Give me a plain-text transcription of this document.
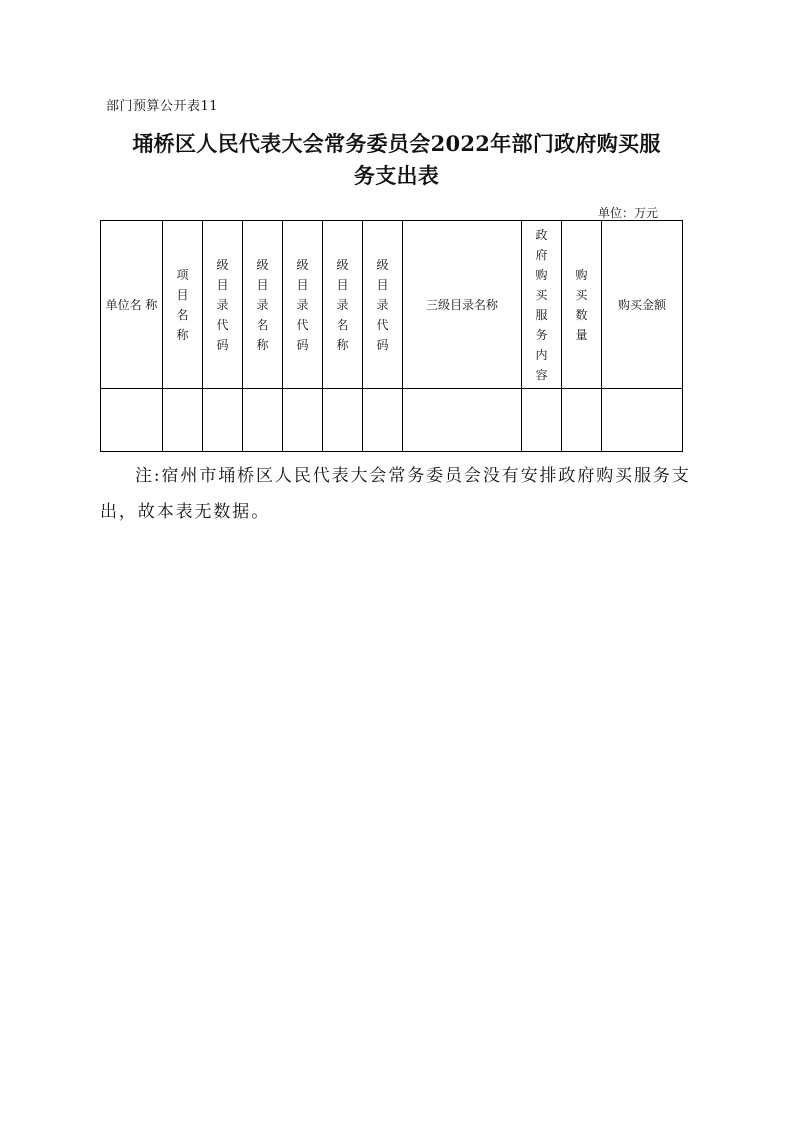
部门预算公开表11
埇桥区人民代表大会常务委员会2022年部门政府购买服
务支出表
单位：万元
单位名 称	项目名称	级目录代码	级目录名称	级目录代码	级目录名称	级目录代码	三级目录名称	政府购买服务内容	购买数量	购买金额

注:宿州市埇桥区人民代表大会常务委员会没有安排政府购买服务支出，故本表无数据。
